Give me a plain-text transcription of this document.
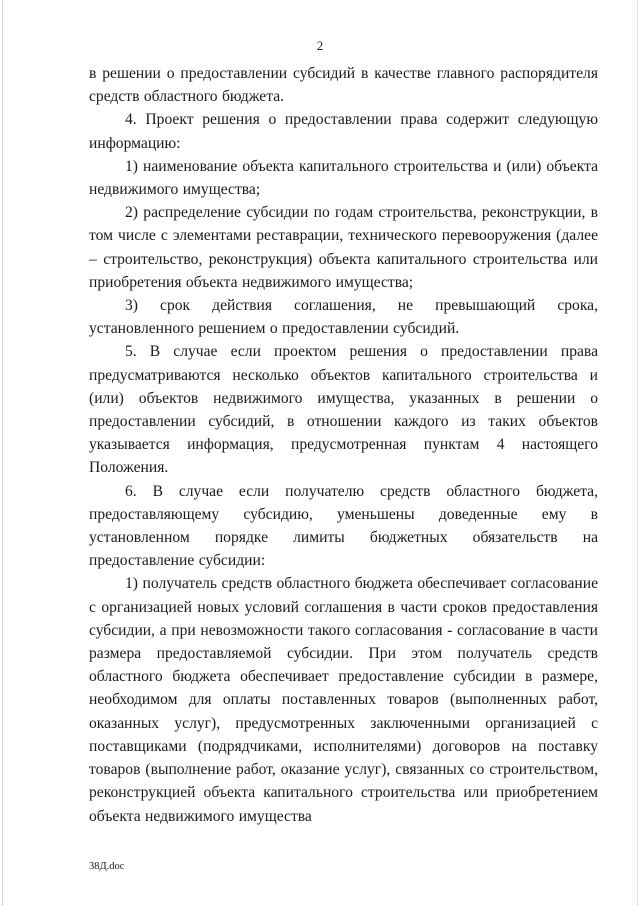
2

в решении о предоставлении субсидий в качестве главного распорядителя средств областного бюджета.

4. Проект решения о предоставлении права содержит следующую информацию:

1) наименование объекта капитального строительства и (или) объекта недвижимого имущества;

2) распределение субсидии по годам строительства, реконструкции, в том числе с элементами реставрации, технического перевооружения (далее – строительство, реконструкция) объекта капитального строительства или приобретения объекта недвижимого имущества;

3) срок действия соглашения, не превышающий срока, установленного решением о предоставлении субсидий.

5. В случае если проектом решения о предоставлении права предусматриваются несколько объектов капитального строительства и (или) объектов недвижимого имущества, указанных в решении о предоставлении субсидий, в отношении каждого из таких объектов указывается информация, предусмотренная пунктам 4 настоящего Положения.

6. В случае если получателю средств областного бюджета, предоставляющему субсидию, уменьшены доведенные ему в установленном порядке лимиты бюджетных обязательств на предоставление субсидии:

1) получатель средств областного бюджета обеспечивает согласование с организацией новых условий соглашения в части сроков предоставления субсидии, а при невозможности такого согласования - согласование в части размера предоставляемой субсидии. При этом получатель средств областного бюджета обеспечивает предоставление субсидии в размере, необходимом для оплаты поставленных товаров (выполненных работ, оказанных услуг), предусмотренных заключенными организацией с поставщиками (подрядчиками, исполнителями) договоров на поставку товаров (выполнение работ, оказание услуг), связанных со строительством, реконструкцией объекта капитального строительства или приобретением объекта недвижимого имущества

38Д.doc
